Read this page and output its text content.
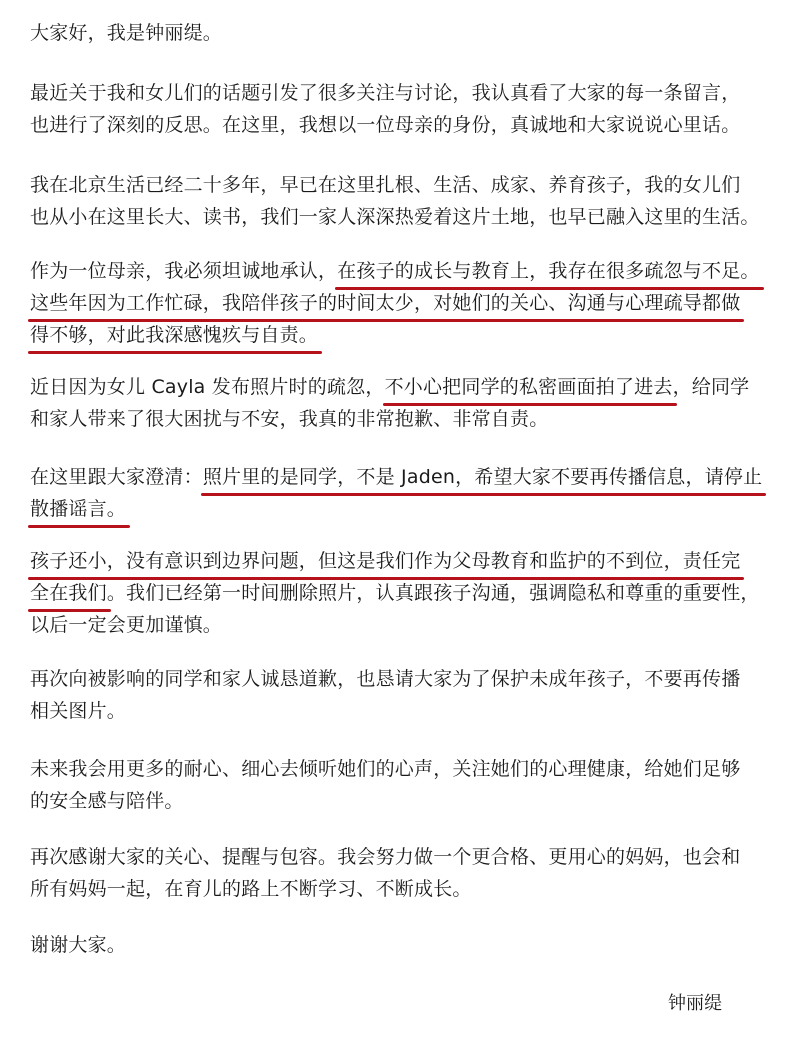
大家好，我是钟丽缇。
最近关于我和女儿们的话题引发了很多关注与讨论，我认真看了大家的每一条留言，
也进行了深刻的反思。在这里，我想以一位母亲的身份，真诚地和大家说说心里话。
我在北京生活已经二十多年，早已在这里扎根、生活、成家、养育孩子，我的女儿们
也从小在这里长大、读书，我们一家人深深热爱着这片土地，也早已融入这里的生活。
作为一位母亲，我必须坦诚地承认，在孩子的成长与教育上，我存在很多疏忽与不足。
这些年因为工作忙碌，我陪伴孩子的时间太少，对她们的关心、沟通与心理疏导都做
得不够，对此我深感愧疚与自责。
近日因为女儿 Cayla 发布照片时的疏忽，不小心把同学的私密画面拍了进去，给同学
和家人带来了很大困扰与不安，我真的非常抱歉、非常自责。
在这里跟大家澄清：照片里的是同学，不是 Jaden，希望大家不要再传播信息，请停止
散播谣言。
孩子还小，没有意识到边界问题，但这是我们作为父母教育和监护的不到位，责任完
全在我们。我们已经第一时间删除照片，认真跟孩子沟通，强调隐私和尊重的重要性，
以后一定会更加谨慎。
再次向被影响的同学和家人诚恳道歉，也恳请大家为了保护未成年孩子，不要再传播
相关图片。
未来我会用更多的耐心、细心去倾听她们的心声，关注她们的心理健康，给她们足够
的安全感与陪伴。
再次感谢大家的关心、提醒与包容。我会努力做一个更合格、更用心的妈妈，也会和
所有妈妈一起，在育儿的路上不断学习、不断成长。
谢谢大家。
钟丽缇
